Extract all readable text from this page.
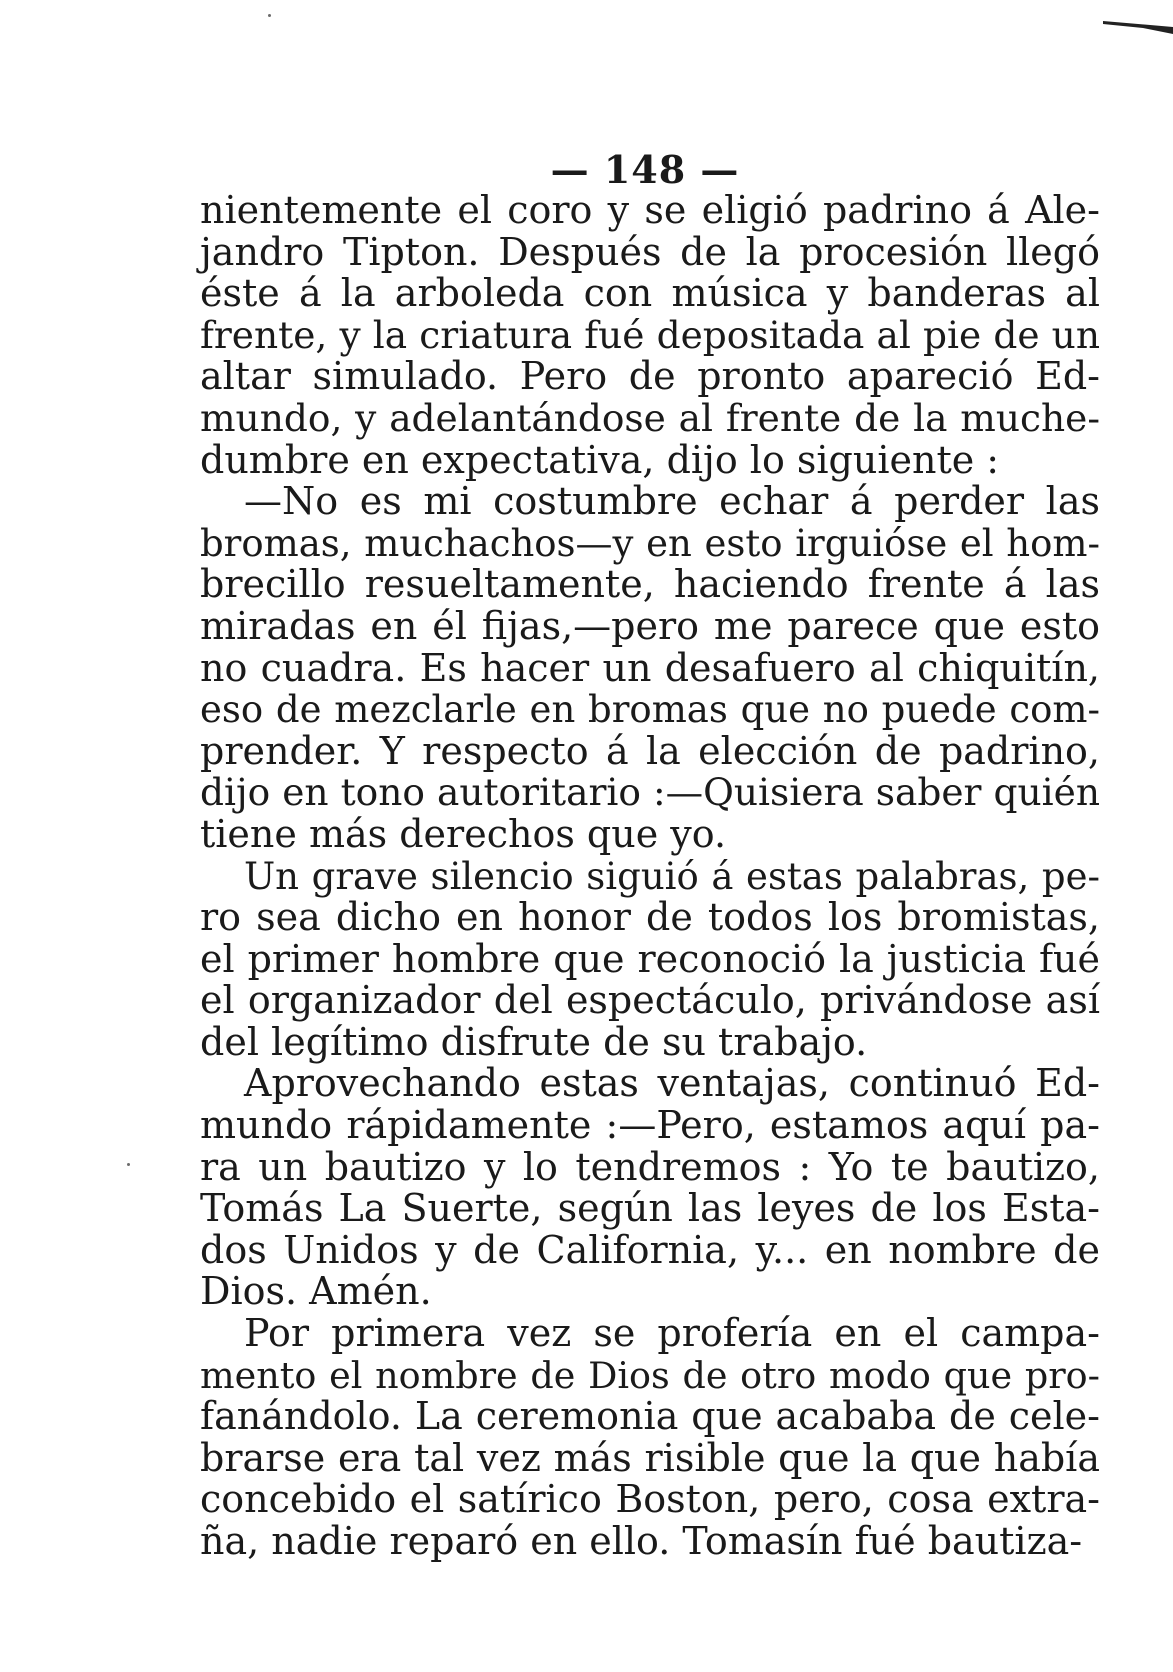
— 148 —
nientemente el coro y se eligió padrino á Ale-
jandro Tipton. Después de la procesión llegó
éste á la arboleda con música y banderas al
frente, y la criatura fué depositada al pie de un
altar simulado. Pero de pronto apareció Ed-
mundo, y adelantándose al frente de la muche-
dumbre en expectativa, dijo lo siguiente :
—No es mi costumbre echar á perder las
bromas, muchachos—y en esto irguióse el hom-
brecillo resueltamente, haciendo frente á las
miradas en él fijas,—pero me parece que esto
no cuadra. Es hacer un desafuero al chiquitín,
eso de mezclarle en bromas que no puede com-
prender. Y respecto á la elección de padrino,
dijo en tono autoritario :—Quisiera saber quién
tiene más derechos que yo.
Un grave silencio siguió á estas palabras, pe-
ro sea dicho en honor de todos los bromistas,
el primer hombre que reconoció la justicia fué
el organizador del espectáculo, privándose así
del legítimo disfrute de su trabajo.
Aprovechando estas ventajas, continuó Ed-
mundo rápidamente :—Pero, estamos aquí pa-
ra un bautizo y lo tendremos : Yo te bautizo,
Tomás La Suerte, según las leyes de los Esta-
dos Unidos y de California, y... en nombre de
Dios. Amén.
Por primera vez se profería en el campa-
mento el nombre de Dios de otro modo que pro-
fanándolo. La ceremonia que acababa de cele-
brarse era tal vez más risible que la que había
concebido el satírico Boston, pero, cosa extra-
ña, nadie reparó en ello. Tomasín fué bautiza-
